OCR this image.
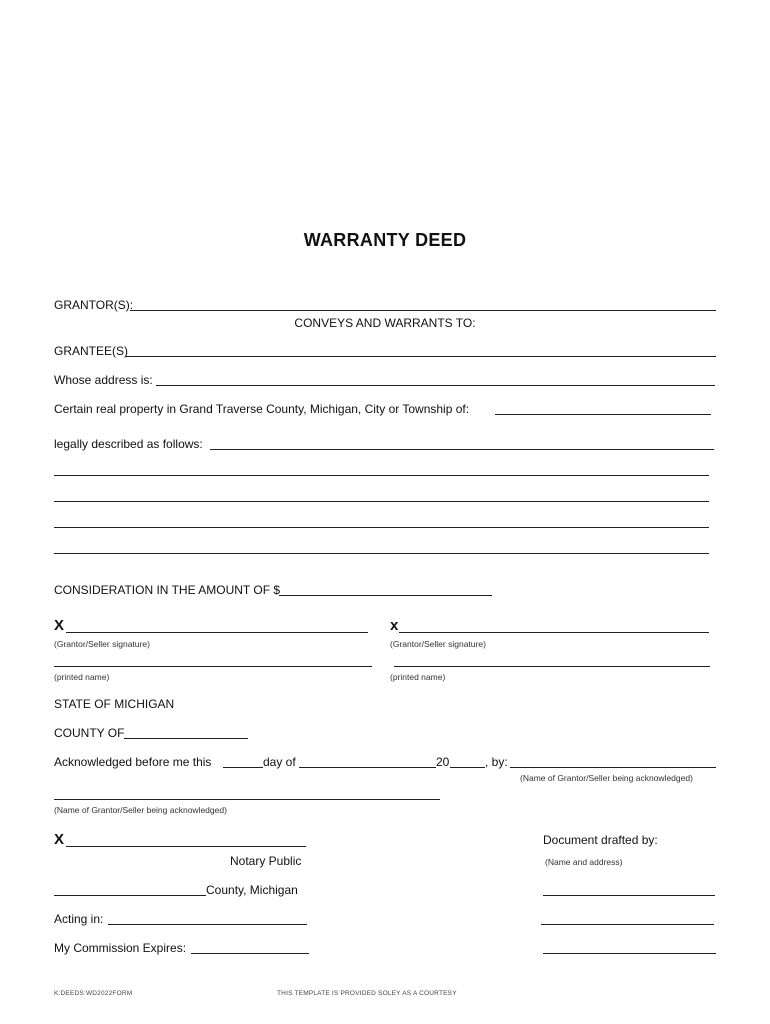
WARRANTY DEED
GRANTOR(S):
CONVEYS AND WARRANTS TO:
GRANTEE(S)
Whose address is:
Certain real property in Grand Traverse County, Michigan, City or Township of:
legally described as follows:
CONSIDERATION IN THE AMOUNT OF $
X
(Grantor/Seller signature)
x
(Grantor/Seller signature)
(printed name)	(printed name)
STATE OF MICHIGAN
COUNTY OF
Acknowledged before me this	day of	20	, by:
(Name of Grantor/Seller being acknowledged)
(Name of Grantor/Seller being acknowledged)
X
Notary Public
Document drafted by:
(Name and address)
County, Michigan
Acting in:
My Commission Expires:
K:DEEDS:WD2022FORM	THIS TEMPLATE IS PROVIDED SOLEY AS A COURTESY
